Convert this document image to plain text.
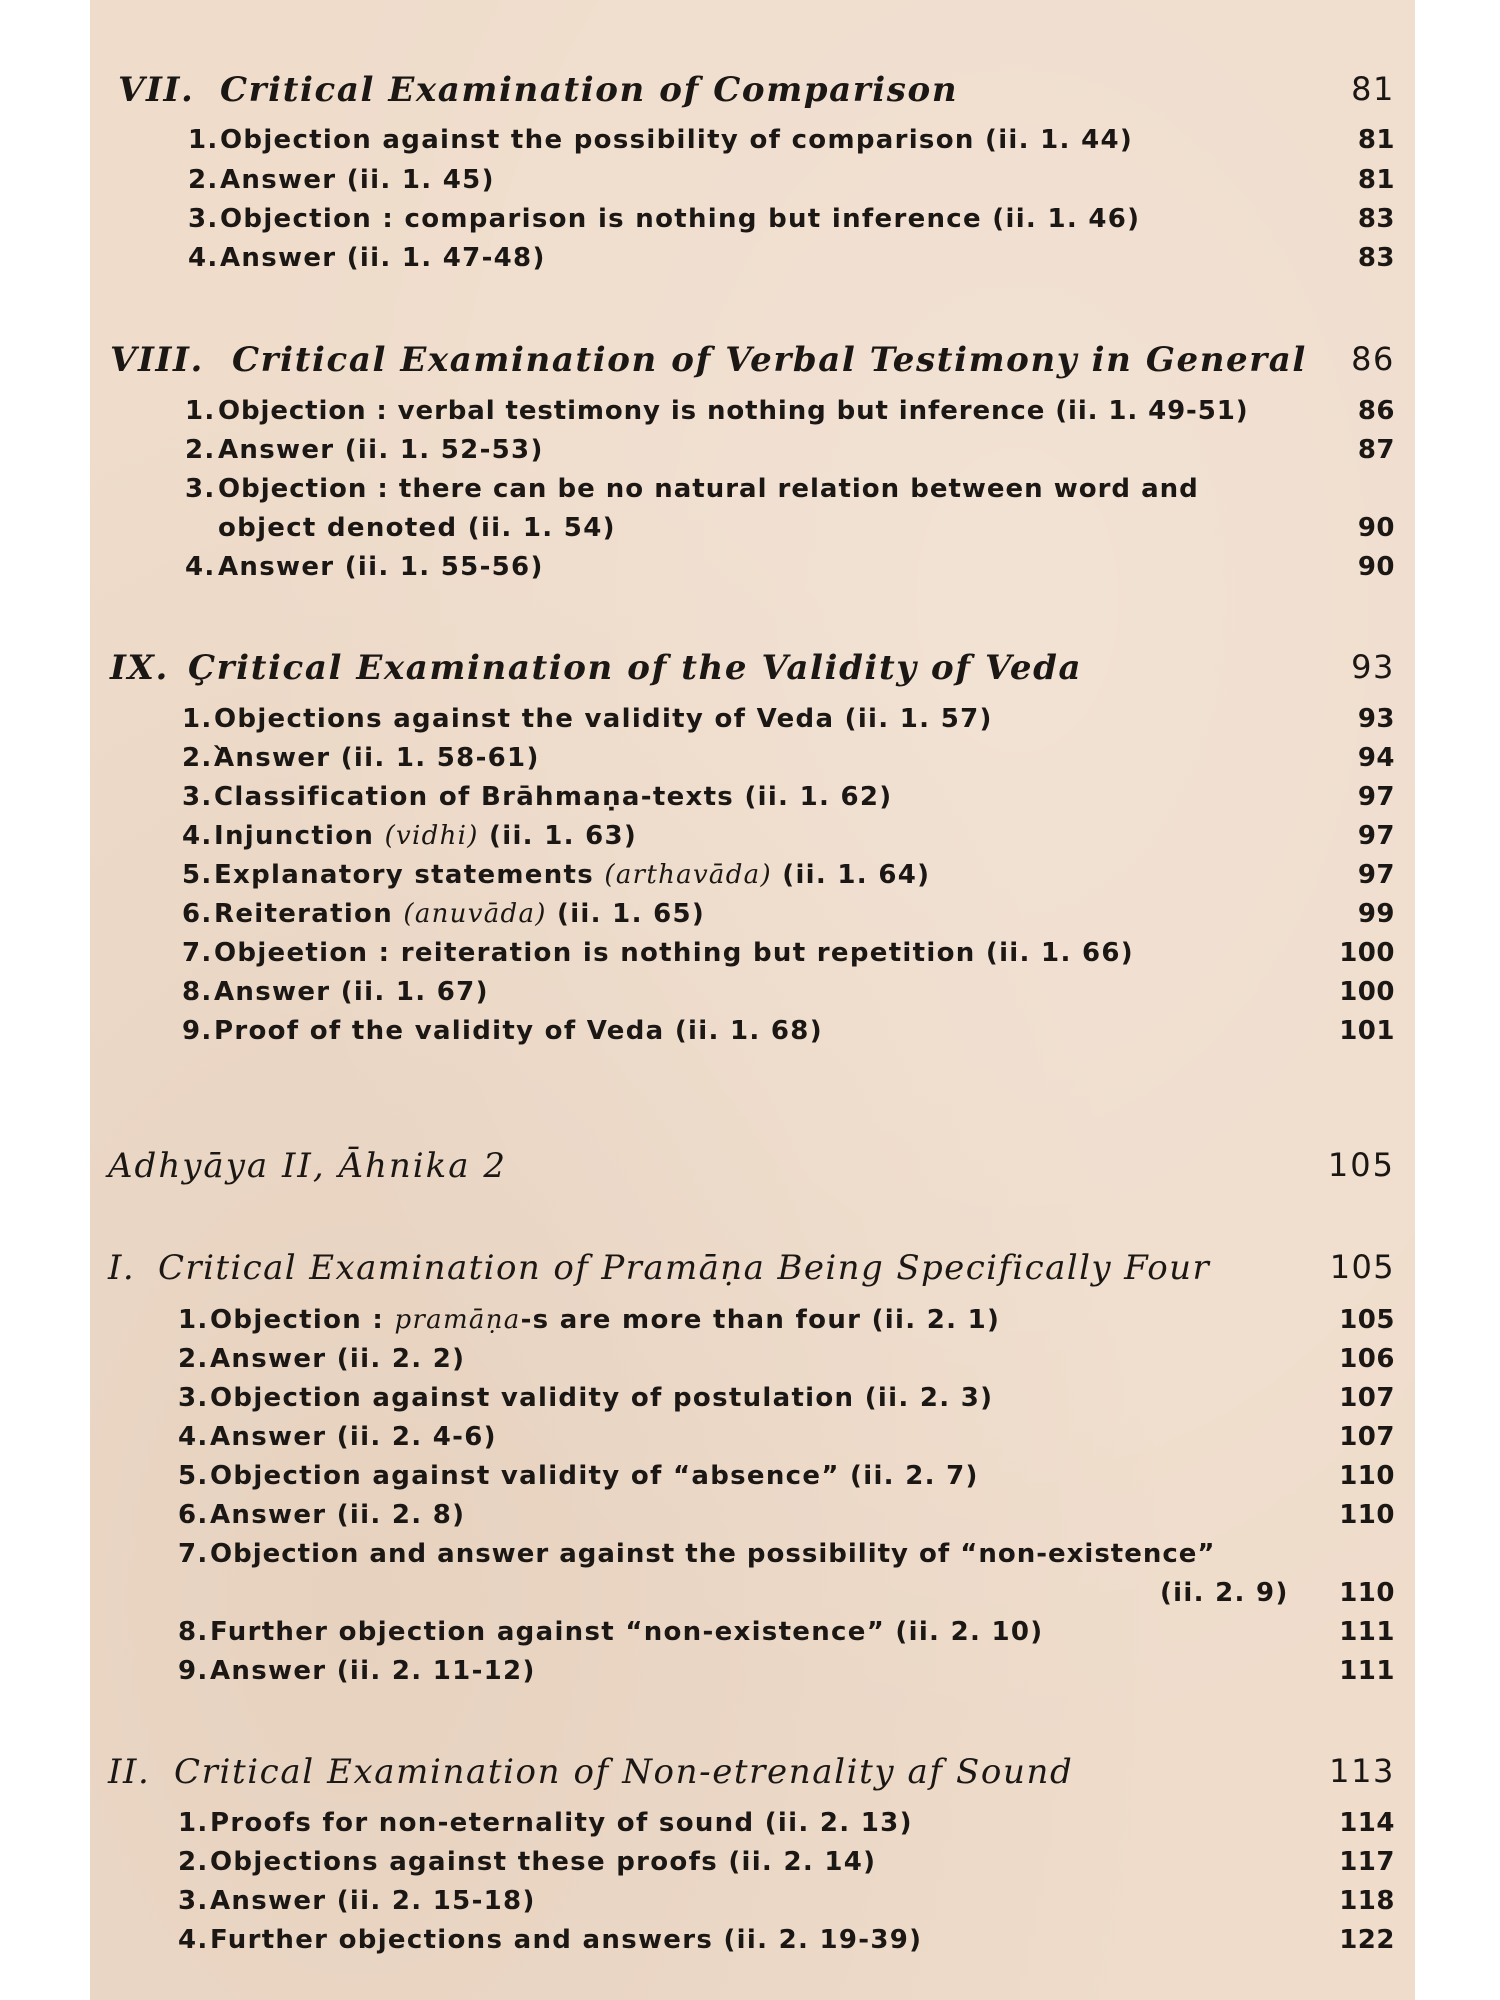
VII. Critical Examination of Comparison	81
1. Objection against the possibility of comparison (ii. 1. 44)	81
2. Answer (ii. 1. 45)	81
3. Objection : comparison is nothing but inference (ii. 1. 46)	83
4. Answer (ii. 1. 47-48)	83
VIII. Critical Examination of Verbal Testimony in General 86
1. Objection : verbal testimony is nothing but inference (ii. 1. 49-51)	86
2. Answer (ii. 1. 52-53)	87
3. Objection : there can be no natural relation between word and
object denoted (ii. 1. 54)	90
4. Answer (ii. 1. 55-56)	90
IX. Çritical Examination of the Validity of Veda	93
1. Objections against the validity of Veda (ii. 1. 57)	93
2.`
Answer (ii. 1. 58-61)	94
3. Classification of Brāhmaṇa-texts (ii. 1. 62)	97
4. Injunction (vidhi) (ii. 1. 63)	97
5. Explanatory statements (arthavāda) (ii. 1. 64)	97
6. Reiteration (anuvāda) (ii. 1. 65)	99
7. Objeetion : reiteration is nothing but repetition (ii. 1. 66)	100
8. Answer (ii. 1. 67)	100
9. Proof of the validity of Veda (ii. 1. 68)	101
Adhyāya II, Āhnika 2	105
I. Critical Examination of Pramāṇa Being Specifically Four	105
1. Objection : pramāṇa-s are more than four (ii. 2. 1)	105
2. Answer (ii. 2. 2)	106
3. Objection against validity of postulation (ii. 2. 3)	107
4. Answer (ii. 2. 4-6)	107
5. Objection against validity of “absence” (ii. 2. 7)	110
6. Answer (ii. 2. 8)	110
7. Objection and answer against the possibility of “non-existence”
(ii. 2. 9) 110
8. Further objection against “non-existence” (ii. 2. 10)	111
9. Answer (ii. 2. 11-12)	111
II. Critical Examination of Non-etrenality af Sound	113
1. Proofs for non-eternality of sound (ii. 2. 13)	114
2. Objections against these proofs (ii. 2. 14)	117
3. Answer (ii. 2. 15-18)	118
4. Further objections and answers (ii. 2. 19-39)	122
